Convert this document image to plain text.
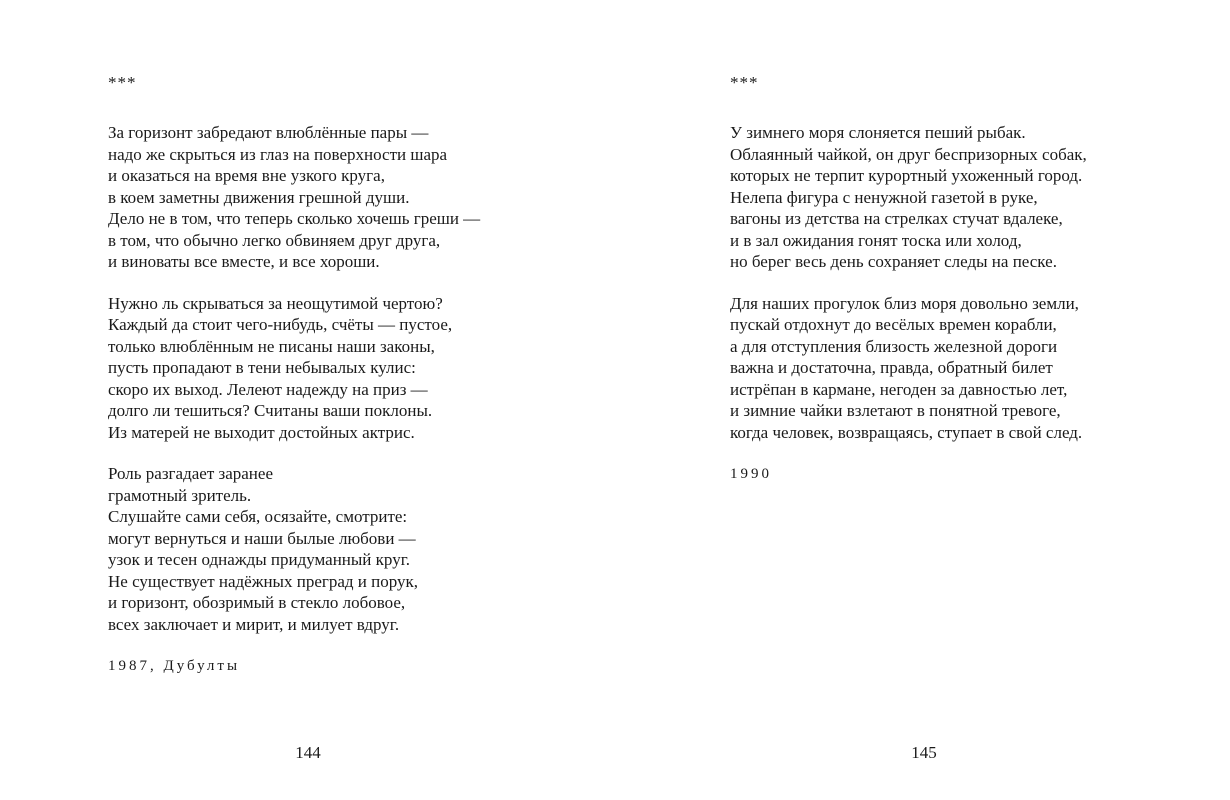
***
За горизонт забредают влюблённые пары —
надо же скрыться из глаз на поверхности шара
и оказаться на время вне узкого круга,
в коем заметны движения грешной души.
Дело не в том, что теперь сколько хочешь греши —
в том, что обычно легко обвиняем друг друга,
и виноваты все вместе, и все хороши.
Нужно ль скрываться за неощутимой чертою?
Каждый да стоит чего-нибудь, счёты — пустое,
только влюблённым не писаны наши законы,
пусть пропадают в тени небывалых кулис:
скоро их выход. Лелеют надежду на приз —
долго ли тешиться? Считаны ваши поклоны.
Из матерей не выходит достойных актрис.
Роль разгадает заранее
грамотный зритель.
Слушайте сами себя, осязайте, смотрите:
могут вернуться и наши былые любови —
узок и тесен однажды придуманный круг.
Не существует надёжных преград и порук,
и горизонт, обозримый в стекло лобовое,
всех заключает и мирит, и милует вдруг.
1987, Дубулты
144
***
У зимнего моря слоняется пеший рыбак.
Облаянный чайкой, он друг беспризорных собак,
которых не терпит курортный ухоженный город.
Нелепа фигура с ненужной газетой в руке,
вагоны из детства на стрелках стучат вдалеке,
и в зал ожидания гонят тоска или холод,
но берег весь день сохраняет следы на песке.
Для наших прогулок близ моря довольно земли,
пускай отдохнут до весёлых времен корабли,
а для отступления близость железной дороги
важна и достаточна, правда, обратный билет
истрёпан в кармане, негоден за давностью лет,
и зимние чайки взлетают в понятной тревоге,
когда человек, возвращаясь, ступает в свой след.
1990
145
